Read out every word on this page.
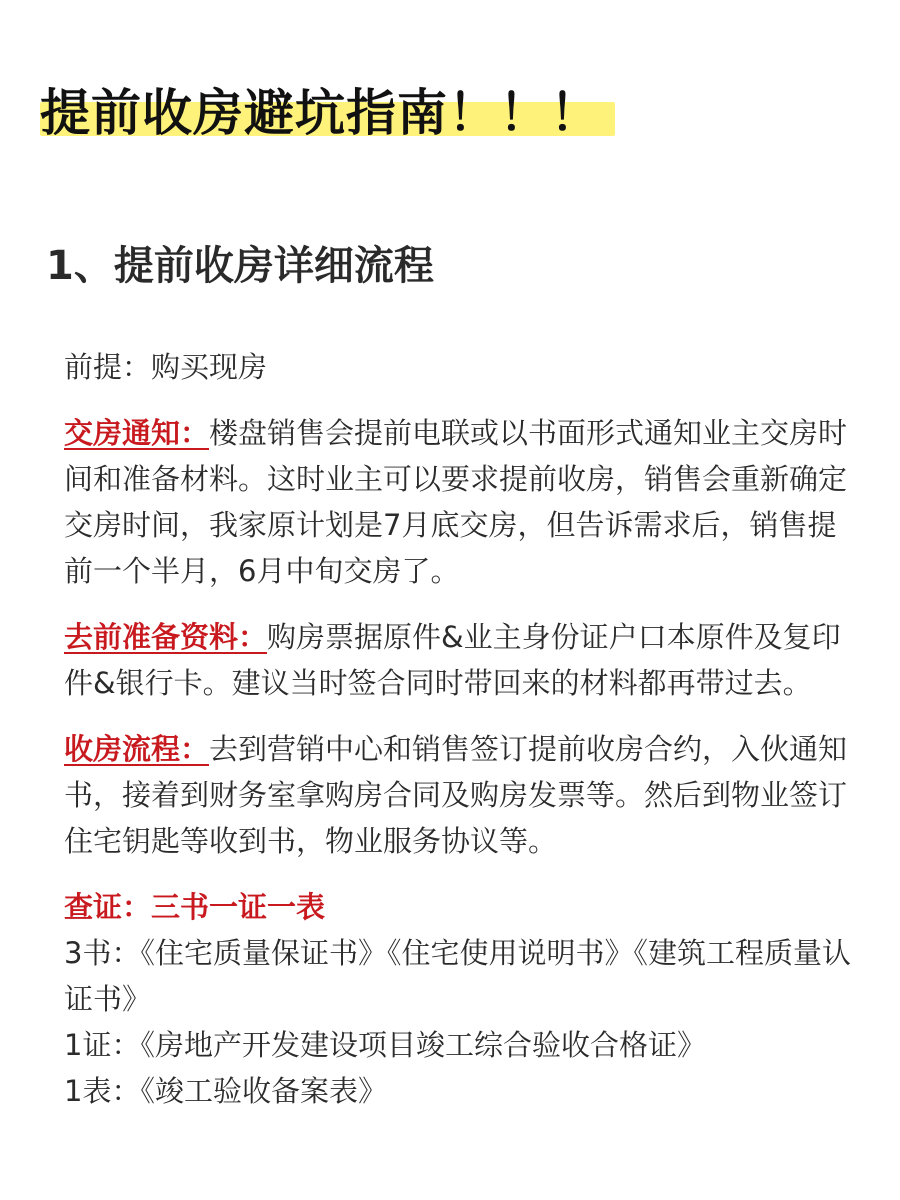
提前收房避坑指南！！！
1、提前收房详细流程

前提：购买现房

交房通知：楼盘销售会提前电联或以书面形式通知业主交房时间和准备材料。这时业主可以要求提前收房，销售会重新确定交房时间，我家原计划是7月底交房，但告诉需求后，销售提前一个半月，6月中旬交房了。

去前准备资料：购房票据原件&业主身份证户口本原件及复印件&银行卡。建议当时签合同时带回来的材料都再带过去。

收房流程：去到营销中心和销售签订提前收房合约，入伙通知书，接着到财务室拿购房合同及购房发票等。然后到物业签订住宅钥匙等收到书，物业服务协议等。

查证：三书一证一表
3书：《住宅质量保证书》《住宅使用说明书》《建筑工程质量认证书》
1证：《房地产开发建设项目竣工综合验收合格证》
1表：《竣工验收备案表》
